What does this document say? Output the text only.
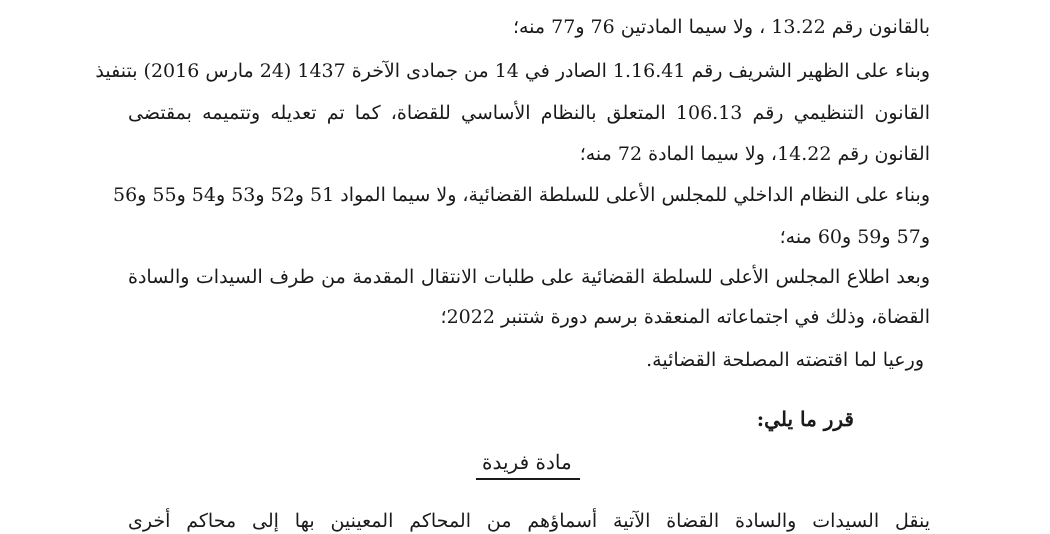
بالقانون رقم 13.22 ، ولا سيما المادتين 76 و77 منه؛
وبناء على الظهير الشريف رقم 1.16.41 الصادر في 14 من جمادى الآخرة 1437 (24 مارس 2016) بتنفيذ
القانون التنظيمي رقم 106.13 المتعلق بالنظام الأساسي للقضاة، كما تم تعديله وتتميمه بمقتضى
القانون رقم 14.22، ولا سيما المادة 72 منه؛
وبناء على النظام الداخلي للمجلس الأعلى للسلطة القضائية، ولا سيما المواد 51 و52 و53 و54 و55 و56
و57 و59 و60 منه؛
وبعد اطلاع المجلس الأعلى للسلطة القضائية على طلبات الانتقال المقدمة من طرف السيدات والسادة
القضاة، وذلك في اجتماعاته المنعقدة برسم دورة شتنبر 2022؛
ورعيا لما اقتضته المصلحة القضائية.
قرر ما يلي:
مادة فريدة
ينقل السيدات والسادة القضاة الآتية أسماؤهم من المحاكم المعينين بها إلى محاكم أخرى
